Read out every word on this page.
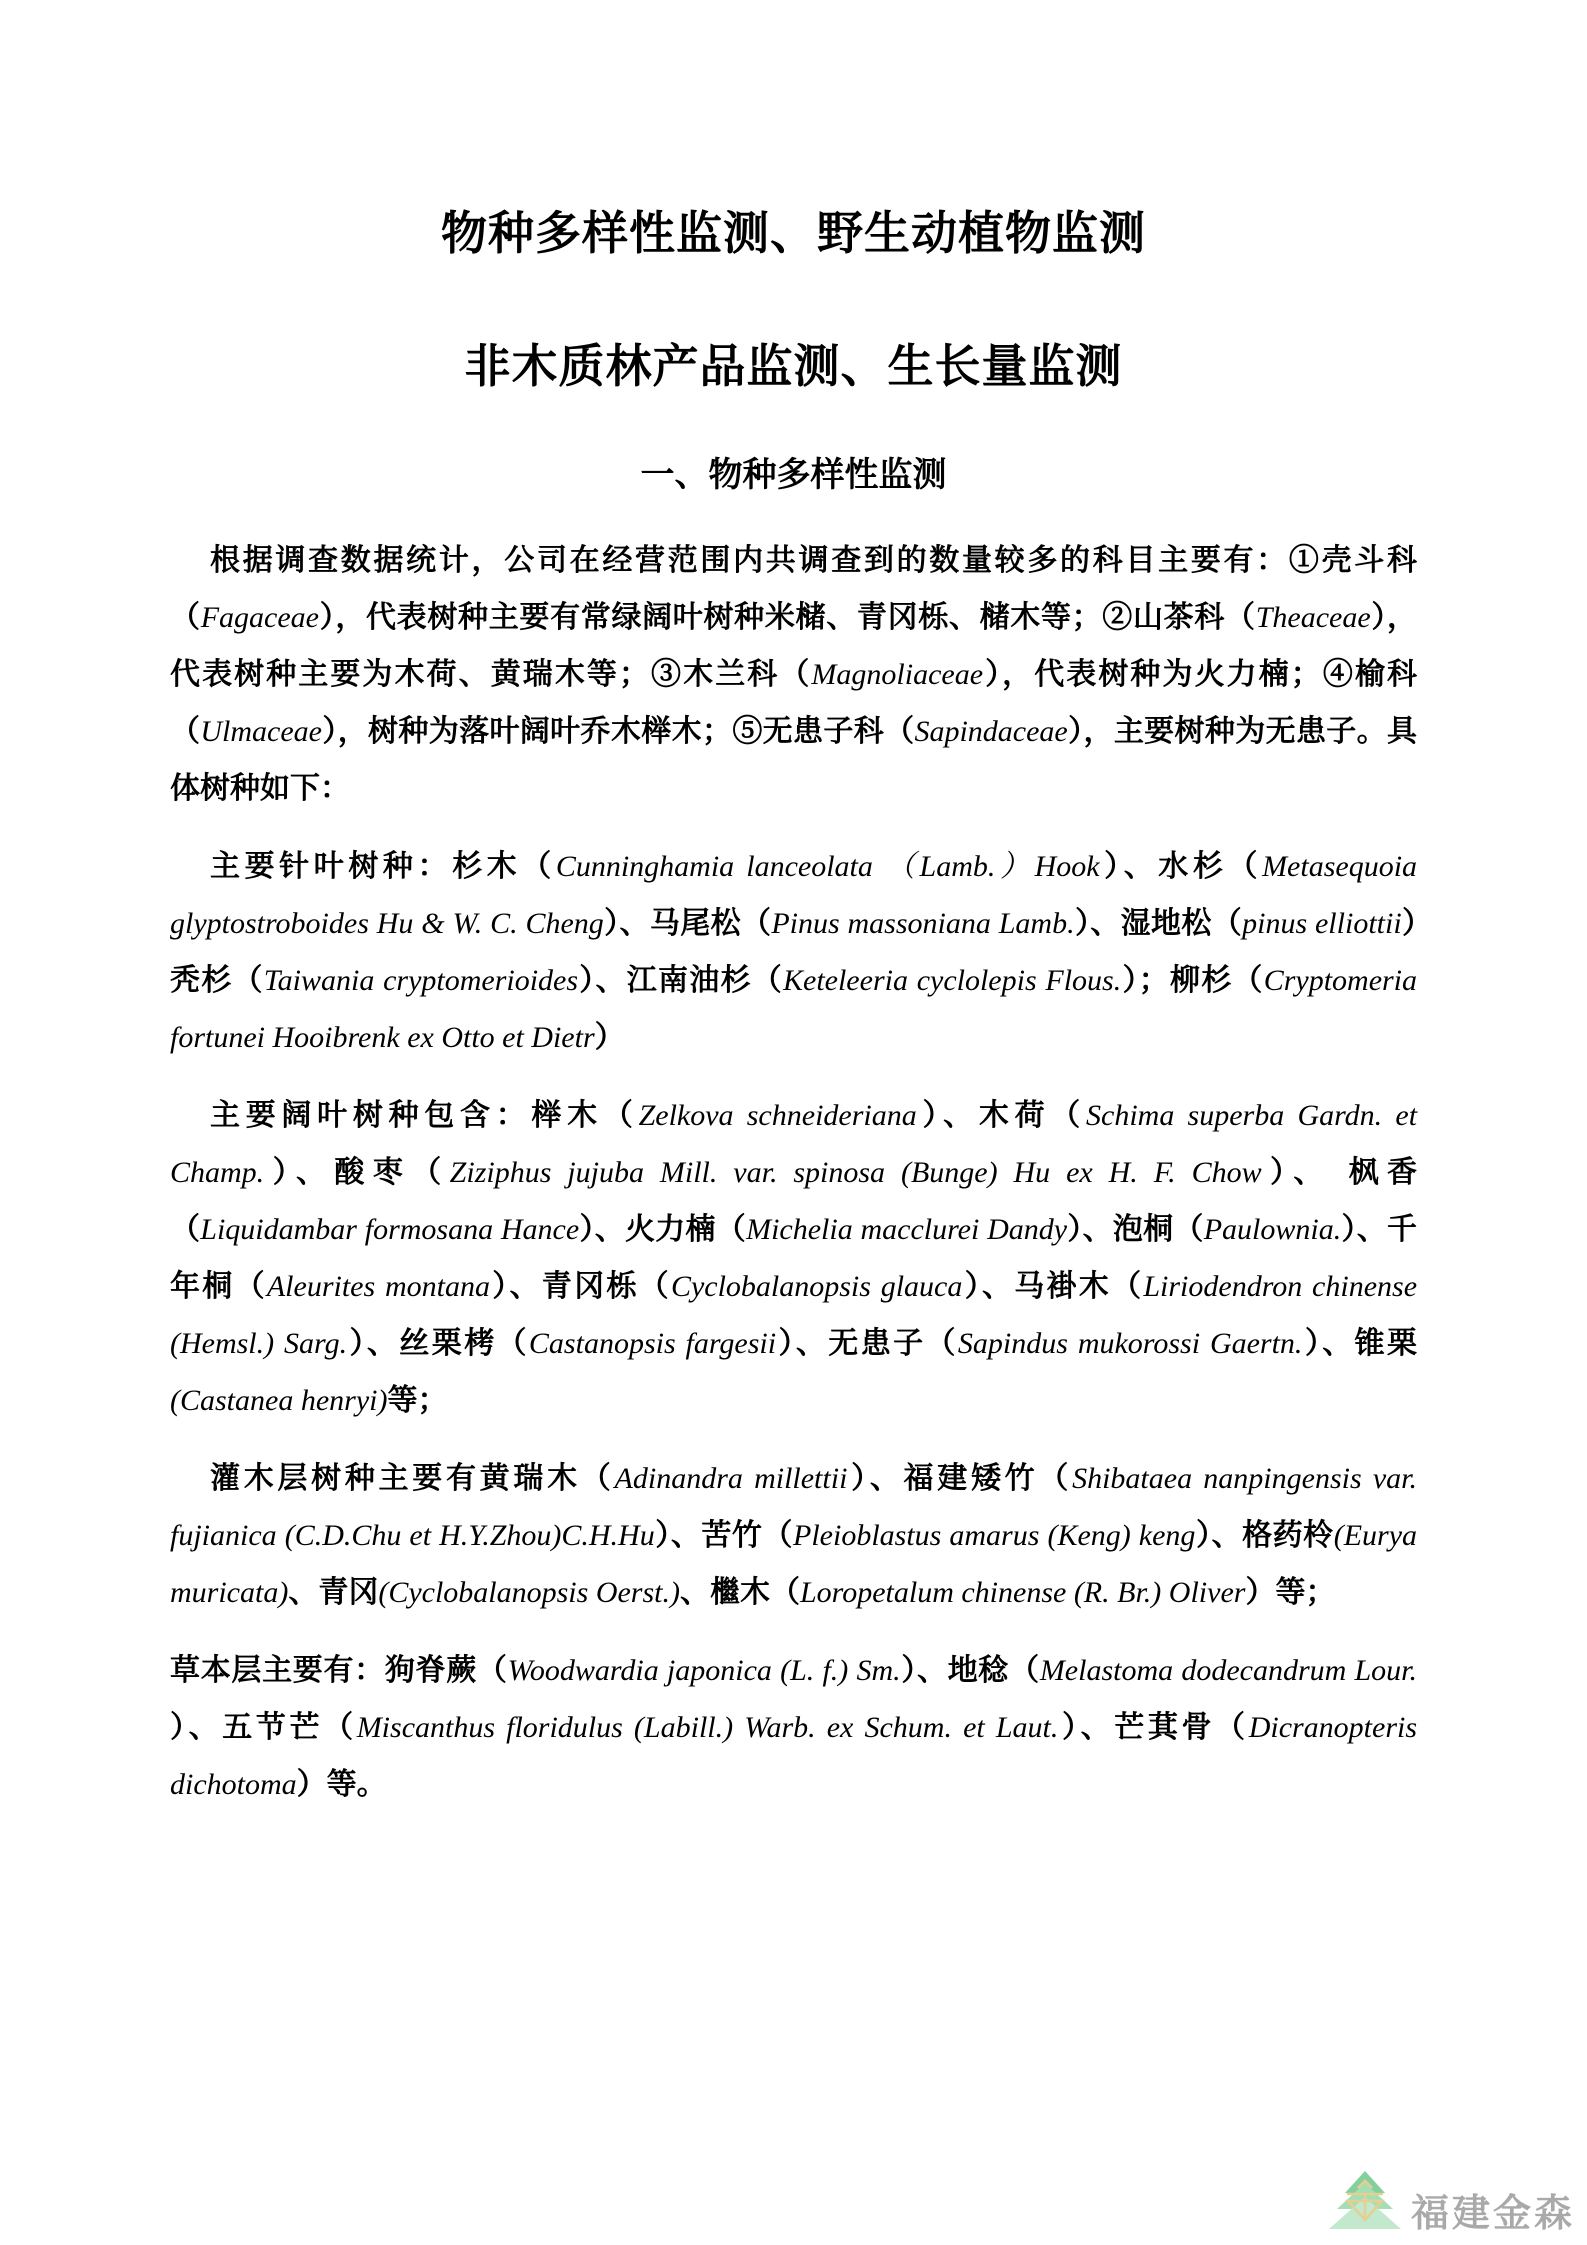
物种多样性监测、野生动植物监测
非木质林产品监测、生长量监测
一、物种多样性监测

根据调查数据统计，公司在经营范围内共调查到的数量较多的科目主要有：①壳斗科（Fagaceae），代表树种主要有常绿阔叶树种米槠、青冈栎、槠木等；②山茶科（Theaceae），代表树种主要为木荷、黄瑞木等；③木兰科（Magnoliaceae），代表树种为火力楠；④榆科（Ulmaceae），树种为落叶阔叶乔木榉木；⑤无患子科（Sapindaceae），主要树种为无患子。具体树种如下：

主要针叶树种：杉木（Cunninghamia lanceolata （Lamb.）Hook）、水杉（Metasequoia glyptostroboides Hu & W. C. Cheng）、马尾松（Pinus massoniana Lamb.）、湿地松（pinus elliottii）秃杉（Taiwania cryptomerioides）、江南油杉（Keteleeria cyclolepis Flous.）；柳杉（Cryptomeria fortunei Hooibrenk ex Otto et Dietr）

主要阔叶树种包含：榉木（Zelkova schneideriana）、木荷（Schima superba Gardn. et Champ.）、酸枣（Ziziphus jujuba Mill. var. spinosa (Bunge) Hu ex H. F. Chow）、 枫香（Liquidambar formosana Hance）、火力楠（Michelia macclurei Dandy）、泡桐（Paulownia.）、千年桐（Aleurites montana）、青冈栎（Cyclobalanopsis glauca）、马褂木（Liriodendron chinense (Hemsl.) Sarg.）、丝栗栲（Castanopsis fargesii）、无患子（Sapindus mukorossi Gaertn.）、锥栗(Castanea henryi)等；

灌木层树种主要有黄瑞木（Adinandra millettii）、福建矮竹（Shibataea nanpingensis var. fujianica (C.D.Chu et H.Y.Zhou)C.H.Hu）、苦竹（Pleioblastus amarus (Keng) keng）、格药柃(Eurya muricata)、青冈(Cyclobalanopsis Oerst.)、檵木（Loropetalum chinense (R. Br.) Oliver）等；

草本层主要有：狗脊蕨（Woodwardia japonica (L. f.) Sm.）、地稔（Melastoma dodecandrum Lour. ）、五节芒（Miscanthus floridulus (Labill.) Warb. ex Schum. et Laut.）、芒萁骨（Dicranopteris dichotoma）等。

福建金森
